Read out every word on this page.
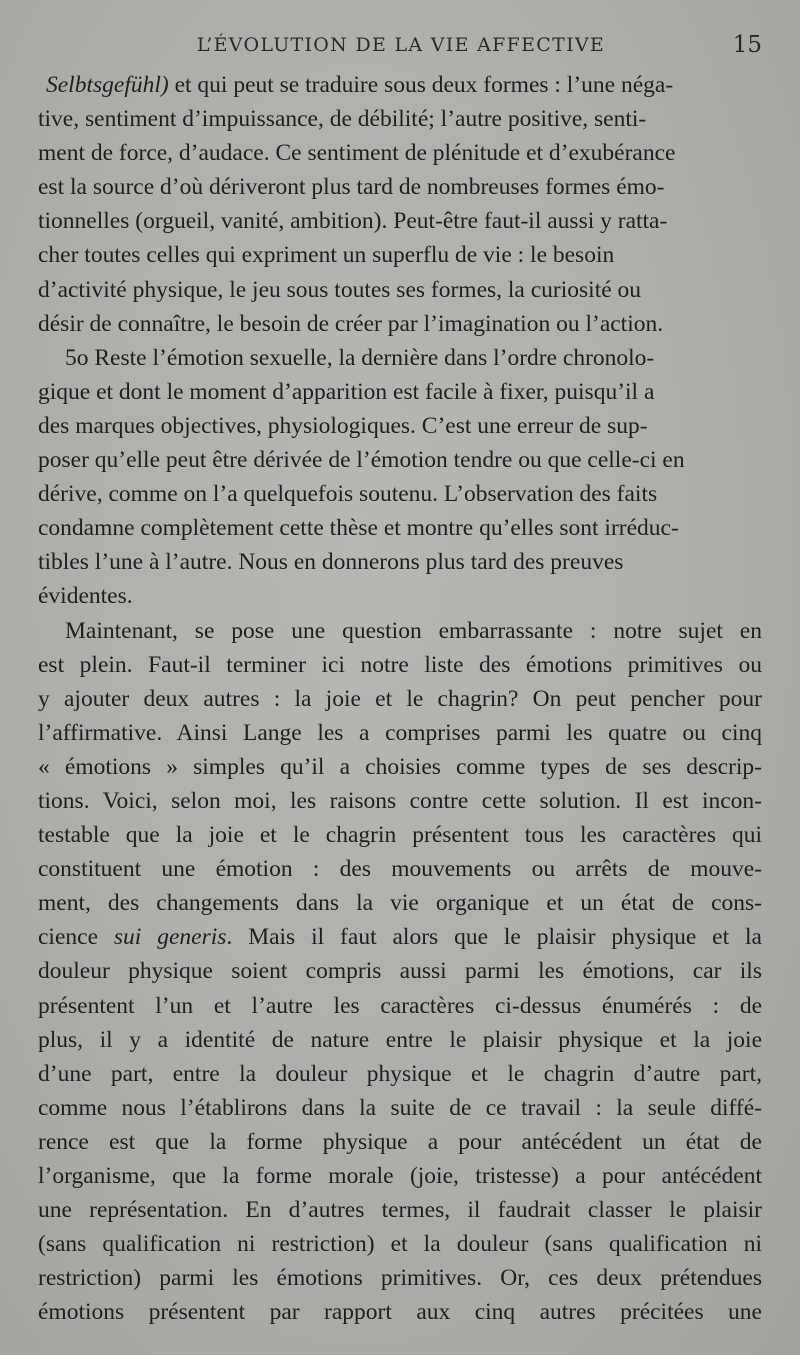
L’ÉVOLUTION DE LA VIE AFFECTIVE	15

Selbtsgefühl) et qui peut se traduire sous deux formes : l’une néga-
tive, sentiment d’impuissance, de débilité; l’autre positive, senti-
ment de force, d’audace. Ce sentiment de plénitude et d’exubérance
est la source d’où dériveront plus tard de nombreuses formes émo-
tionnelles (orgueil, vanité, ambition). Peut-être faut-il aussi y ratta-
cher toutes celles qui expriment un superflu de vie : le besoin
d’activité physique, le jeu sous toutes ses formes, la curiosité ou
désir de connaître, le besoin de créer par l’imagination ou l’action.

5o Reste l’émotion sexuelle, la dernière dans l’ordre chronolo-
gique et dont le moment d’apparition est facile à fixer, puisqu’il a
des marques objectives, physiologiques. C’est une erreur de sup-
poser qu’elle peut être dérivée de l’émotion tendre ou que celle-ci en
dérive, comme on l’a quelquefois soutenu. L’observation des faits
condamne complètement cette thèse et montre qu’elles sont irréduc-
tibles l’une à l’autre. Nous en donnerons plus tard des preuves
évidentes.

Maintenant, se pose une question embarrassante : notre sujet en
est plein. Faut-il terminer ici notre liste des émotions primitives ou
y ajouter deux autres : la joie et le chagrin? On peut pencher pour
l’affirmative. Ainsi Lange les a comprises parmi les quatre ou cinq
« émotions » simples qu’il a choisies comme types de ses descrip-
tions. Voici, selon moi, les raisons contre cette solution. Il est incon-
testable que la joie et le chagrin présentent tous les caractères qui
constituent une émotion : des mouvements ou arrêts de mouve-
ment, des changements dans la vie organique et un état de cons-
cience sui generis. Mais il faut alors que le plaisir physique et la
douleur physique soient compris aussi parmi les émotions, car ils
présentent l’un et l’autre les caractères ci-dessus énumérés : de
plus, il y a identité de nature entre le plaisir physique et la joie
d’une part, entre la douleur physique et le chagrin d’autre part,
comme nous l’établirons dans la suite de ce travail : la seule diffé-
rence est que la forme physique a pour antécédent un état de
l’organisme, que la forme morale (joie, tristesse) a pour antécédent
une représentation. En d’autres termes, il faudrait classer le plaisir
(sans qualification ni restriction) et la douleur (sans qualification ni
restriction) parmi les émotions primitives. Or, ces deux prétendues
émotions présentent par rapport aux cinq autres précitées une
